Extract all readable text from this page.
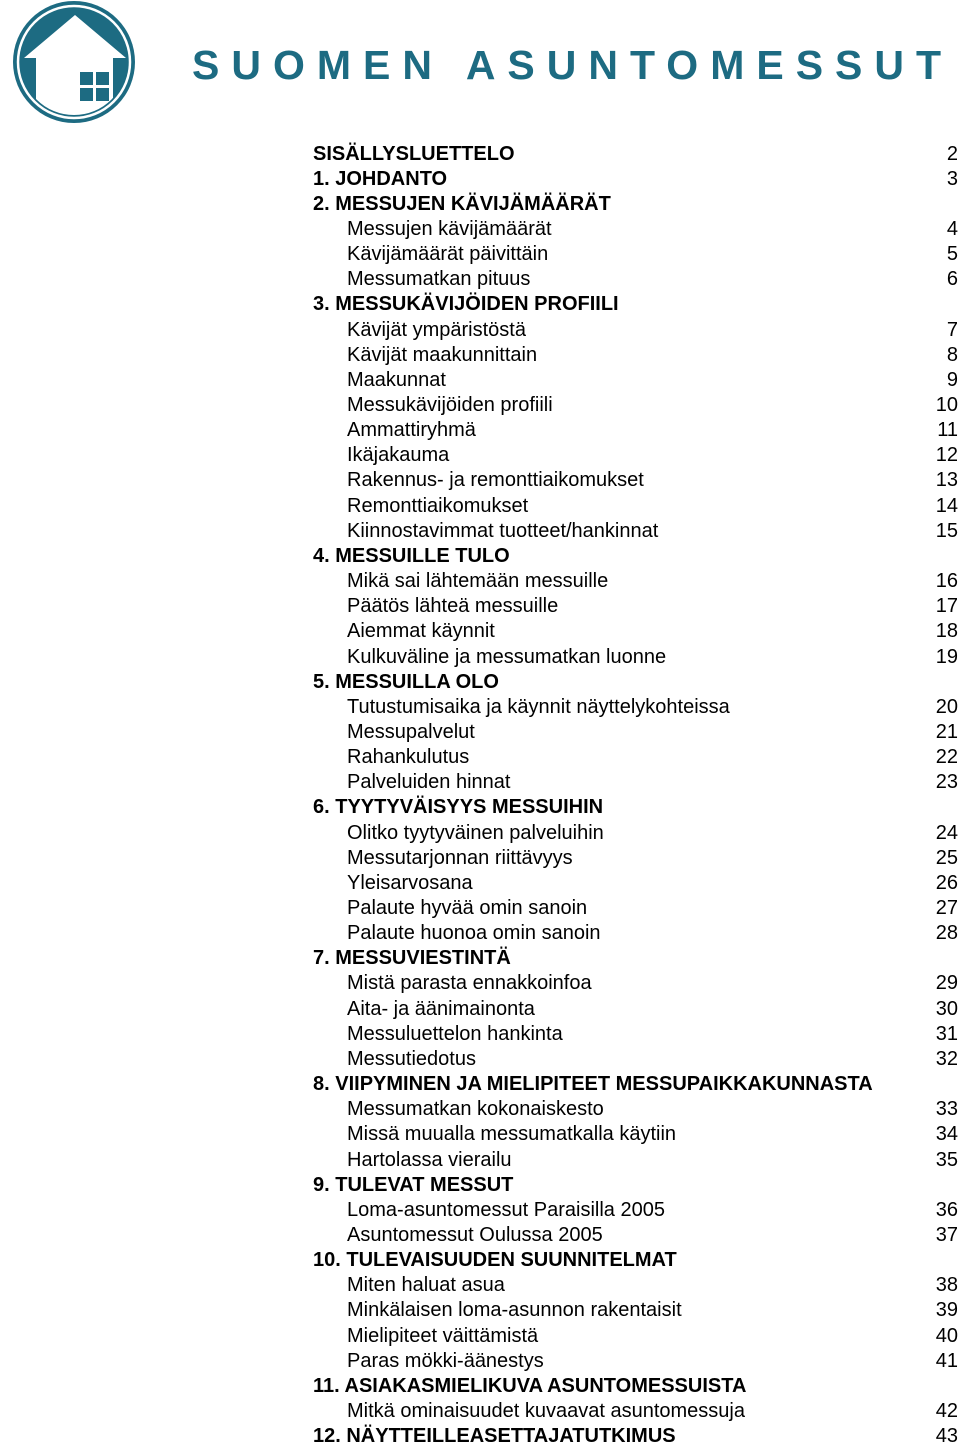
SUOMEN ASUNTOMESSUT
SISÄLLYSLUETTELO	2
1. JOHDANTO	3
2. MESSUJEN KÄVIJÄMÄÄRÄT
Messujen kävijämäärät	4
Kävijämäärät päivittäin	5
Messumatkan pituus	6
3. MESSUKÄVIJÖIDEN PROFIILI
Kävijät ympäristöstä	7
Kävijät maakunnittain	8
Maakunnat	9
Messukävijöiden profiili	10
Ammattiryhmä	11
Ikäjakauma	12
Rakennus- ja remonttiaikomukset	13
Remonttiaikomukset	14
Kiinnostavimmat tuotteet/hankinnat	15
4. MESSUILLE TULO
Mikä sai lähtemään messuille	16
Päätös lähteä messuille	17
Aiemmat käynnit	18
Kulkuväline ja messumatkan luonne	19
5. MESSUILLA OLO
Tutustumisaika ja käynnit näyttelykohteissa	20
Messupalvelut	21
Rahankulutus	22
Palveluiden hinnat	23
6. TYYTYVÄISYYS MESSUIHIN
Olitko tyytyväinen palveluihin	24
Messutarjonnan riittävyys	25
Yleisarvosana	26
Palaute hyvää omin sanoin	27
Palaute huonoa omin sanoin	28
7. MESSUVIESTINTÄ
Mistä parasta ennakkoinfoa	29
Aita- ja äänimainonta	30
Messuluettelon hankinta	31
Messutiedotus	32
8. VIIPYMINEN JA MIELIPITEET MESSUPAIKKAKUNNASTA
Messumatkan kokonaiskesto	33
Missä muualla messumatkalla käytiin	34
Hartolassa vierailu	35
9. TULEVAT MESSUT
Loma-asuntomessut Paraisilla 2005	36
Asuntomessut Oulussa 2005	37
10. TULEVAISUUDEN SUUNNITELMAT
Miten haluat asua	38
Minkälaisen loma-asunnon rakentaisit	39
Mielipiteet väittämistä	40
Paras mökki-äänestys	41
11. ASIAKASMIELIKUVA ASUNTOMESSUISTA
Mitkä ominaisuudet kuvaavat asuntomessuja	42
12. NÄYTTEILLEASETTAJATUTKIMUS	43
